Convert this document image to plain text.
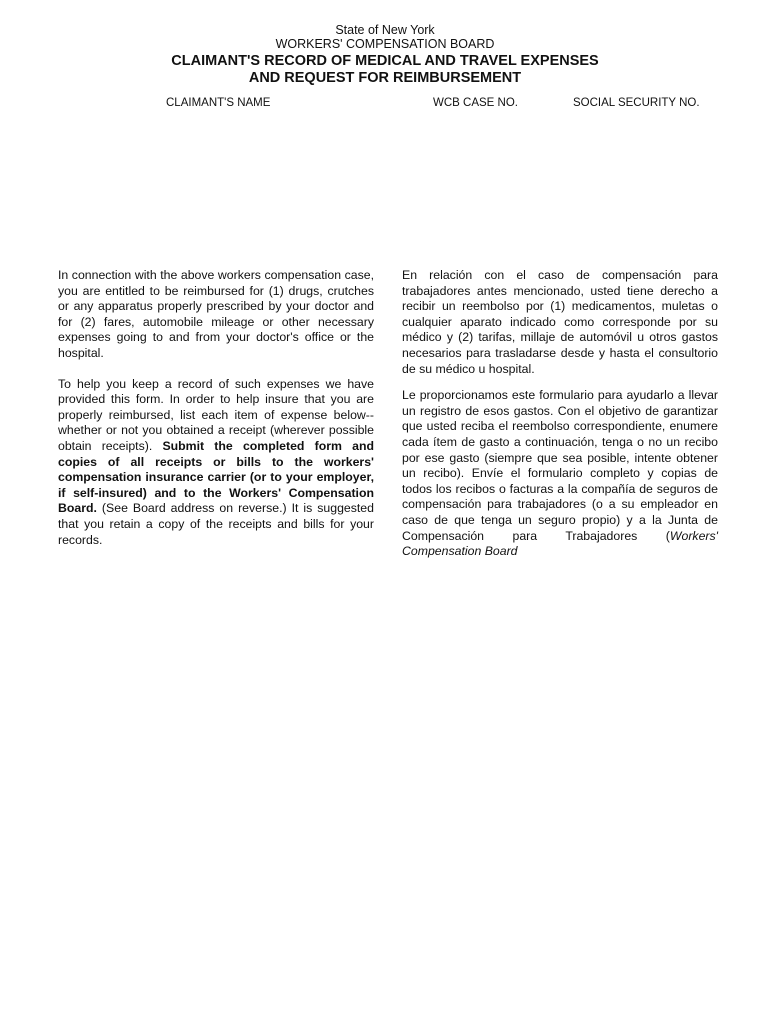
State of New York
WORKERS' COMPENSATION BOARD
CLAIMANT'S RECORD OF MEDICAL AND TRAVEL EXPENSES
AND REQUEST FOR REIMBURSEMENT
CLAIMANT'S NAME	WCB CASE NO.	SOCIAL SECURITY NO.

In connection with the above workers compensation case, you are entitled to be reimbursed for (1) drugs, crutches or any apparatus properly prescribed by your doctor and for (2) fares, automobile mileage or other necessary expenses going to and from your doctor's office or the hospital.

To help you keep a record of such expenses we have provided this form. In order to help insure that you are properly reimbursed, list each item of expense below--whether or not you obtained a receipt (wherever possible obtain receipts). Submit the completed form and copies of all receipts or bills to the workers' compensation insurance carrier (or to your employer, if self-insured) and to the Workers' Compensation Board. (See Board address on reverse.) It is suggested that you retain a copy of the receipts and bills for your records.

En relación con el caso de compensación para trabajadores antes mencionado, usted tiene derecho a recibir un reembolso por (1) medicamentos, muletas o cualquier aparato indicado como corresponde por su médico y (2) tarifas, millaje de automóvil u otros gastos necesarios para trasladarse desde y hasta el consultorio de su médico u hospital.

Le proporcionamos este formulario para ayudarlo a llevar un registro de esos gastos. Con el objetivo de garantizar que usted reciba el reembolso correspondiente, enumere cada ítem de gasto a continuación, tenga o no un recibo por ese gasto (siempre que sea posible, intente obtener un recibo). Envíe el formulario completo y copias de todos los recibos o facturas a la compañía de seguros de compensación para trabajadores (o a su empleador en caso de que tenga un seguro propio) y a la Junta de Compensación para Trabajadores (Workers' Compensation Board
